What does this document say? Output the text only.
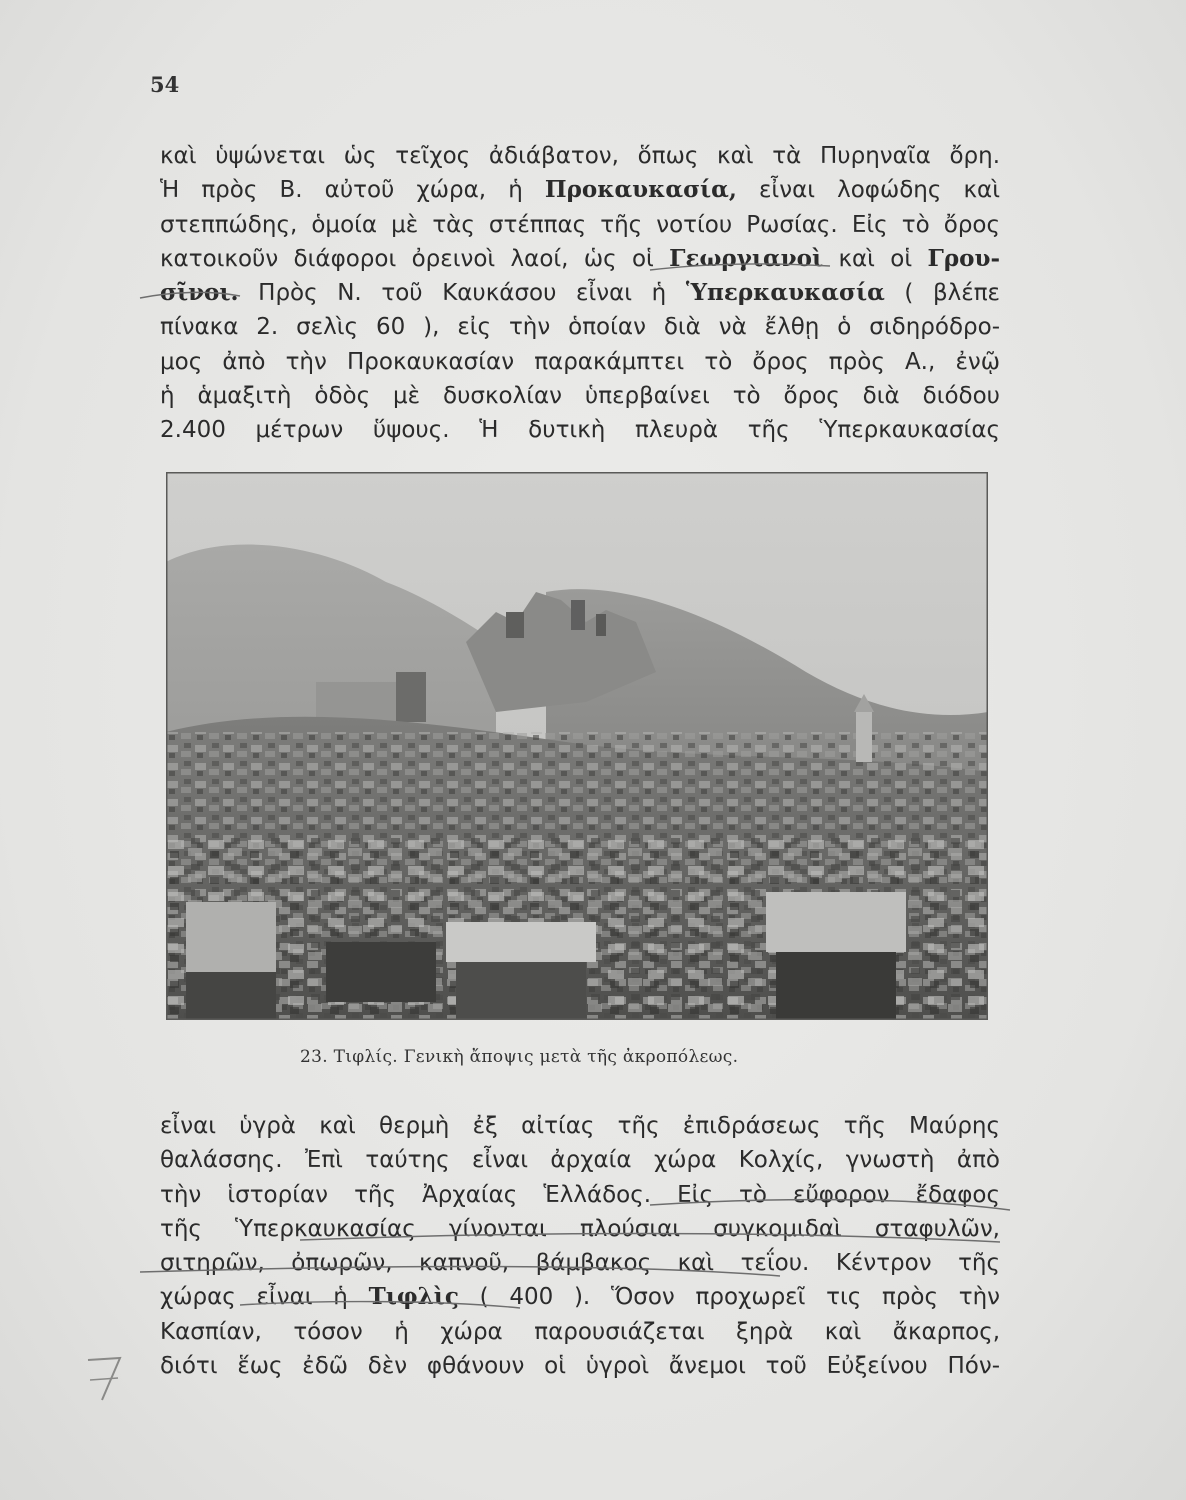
54
καὶ ὑψώνεται ὡς τεῖχος ἀδιάβατον, ὅπως καὶ τὰ Πυρηναῖα ὄρη.
Ἡ πρὸς Β. αὐτοῦ χώρα, ἡ Προκαυκασία, εἶναι λοφώδης καὶ
στεππώδης, ὁμοία μὲ τὰς στέππας τῆς νοτίου Ρωσίας. Εἰς τὸ ὄρος
κατοικοῦν διάφοροι ὀρεινοὶ λαοί, ὡς οἱ Γεωργιανοὶ καὶ οἱ Γρου-
σῖνοι. Πρὸς Ν. τοῦ Καυκάσου εἶναι ἡ Ὑπερκαυκασία ( βλέπε
πίνακα 2. σελὶς 60 ), εἰς τὴν ὁποίαν διὰ νὰ ἔλθῃ ὁ σιδηρόδρο-
μος ἀπὸ τὴν Προκαυκασίαν παρακάμπτει τὸ ὄρος πρὸς Α., ἐνῷ
ἡ ἁμαξιτὴ ὁδὸς μὲ δυσκολίαν ὑπερβαίνει τὸ ὄρος διὰ διόδου
2.400 μέτρων ὕψους. Ἡ δυτικὴ πλευρὰ τῆς Ὑπερκαυκασίας
23. Τιφλίς. Γενικὴ ἄποψις μετὰ τῆς ἀκροπόλεως.
εἶναι ὑγρὰ καὶ θερμὴ ἐξ αἰτίας τῆς ἐπιδράσεως τῆς Μαύρης
θαλάσσης. Ἐπὶ ταύτης εἶναι ἀρχαία χώρα Κολχίς, γνωστὴ ἀπὸ
τὴν ἱστορίαν τῆς Ἀρχαίας Ἑλλάδος. Εἰς τὸ εὔφορον ἔδαφος
τῆς Ὑπερκαυκασίας γίνονται πλούσιαι συγκομιδαὶ σταφυλῶν,
σιτηρῶν, ὀπωρῶν, καπνοῦ, βάμβακος καὶ τεΐου. Κέντρον τῆς
χώρας εἶναι ἡ Τιφλὶς ( 400 ). Ὅσον προχωρεῖ τις πρὸς τὴν
Κασπίαν, τόσον ἡ χώρα παρουσιάζεται ξηρὰ καὶ ἄκαρπος,
διότι ἕως ἐδῶ δὲν φθάνουν οἱ ὑγροὶ ἄνεμοι τοῦ Εὐξείνου Πόν-
